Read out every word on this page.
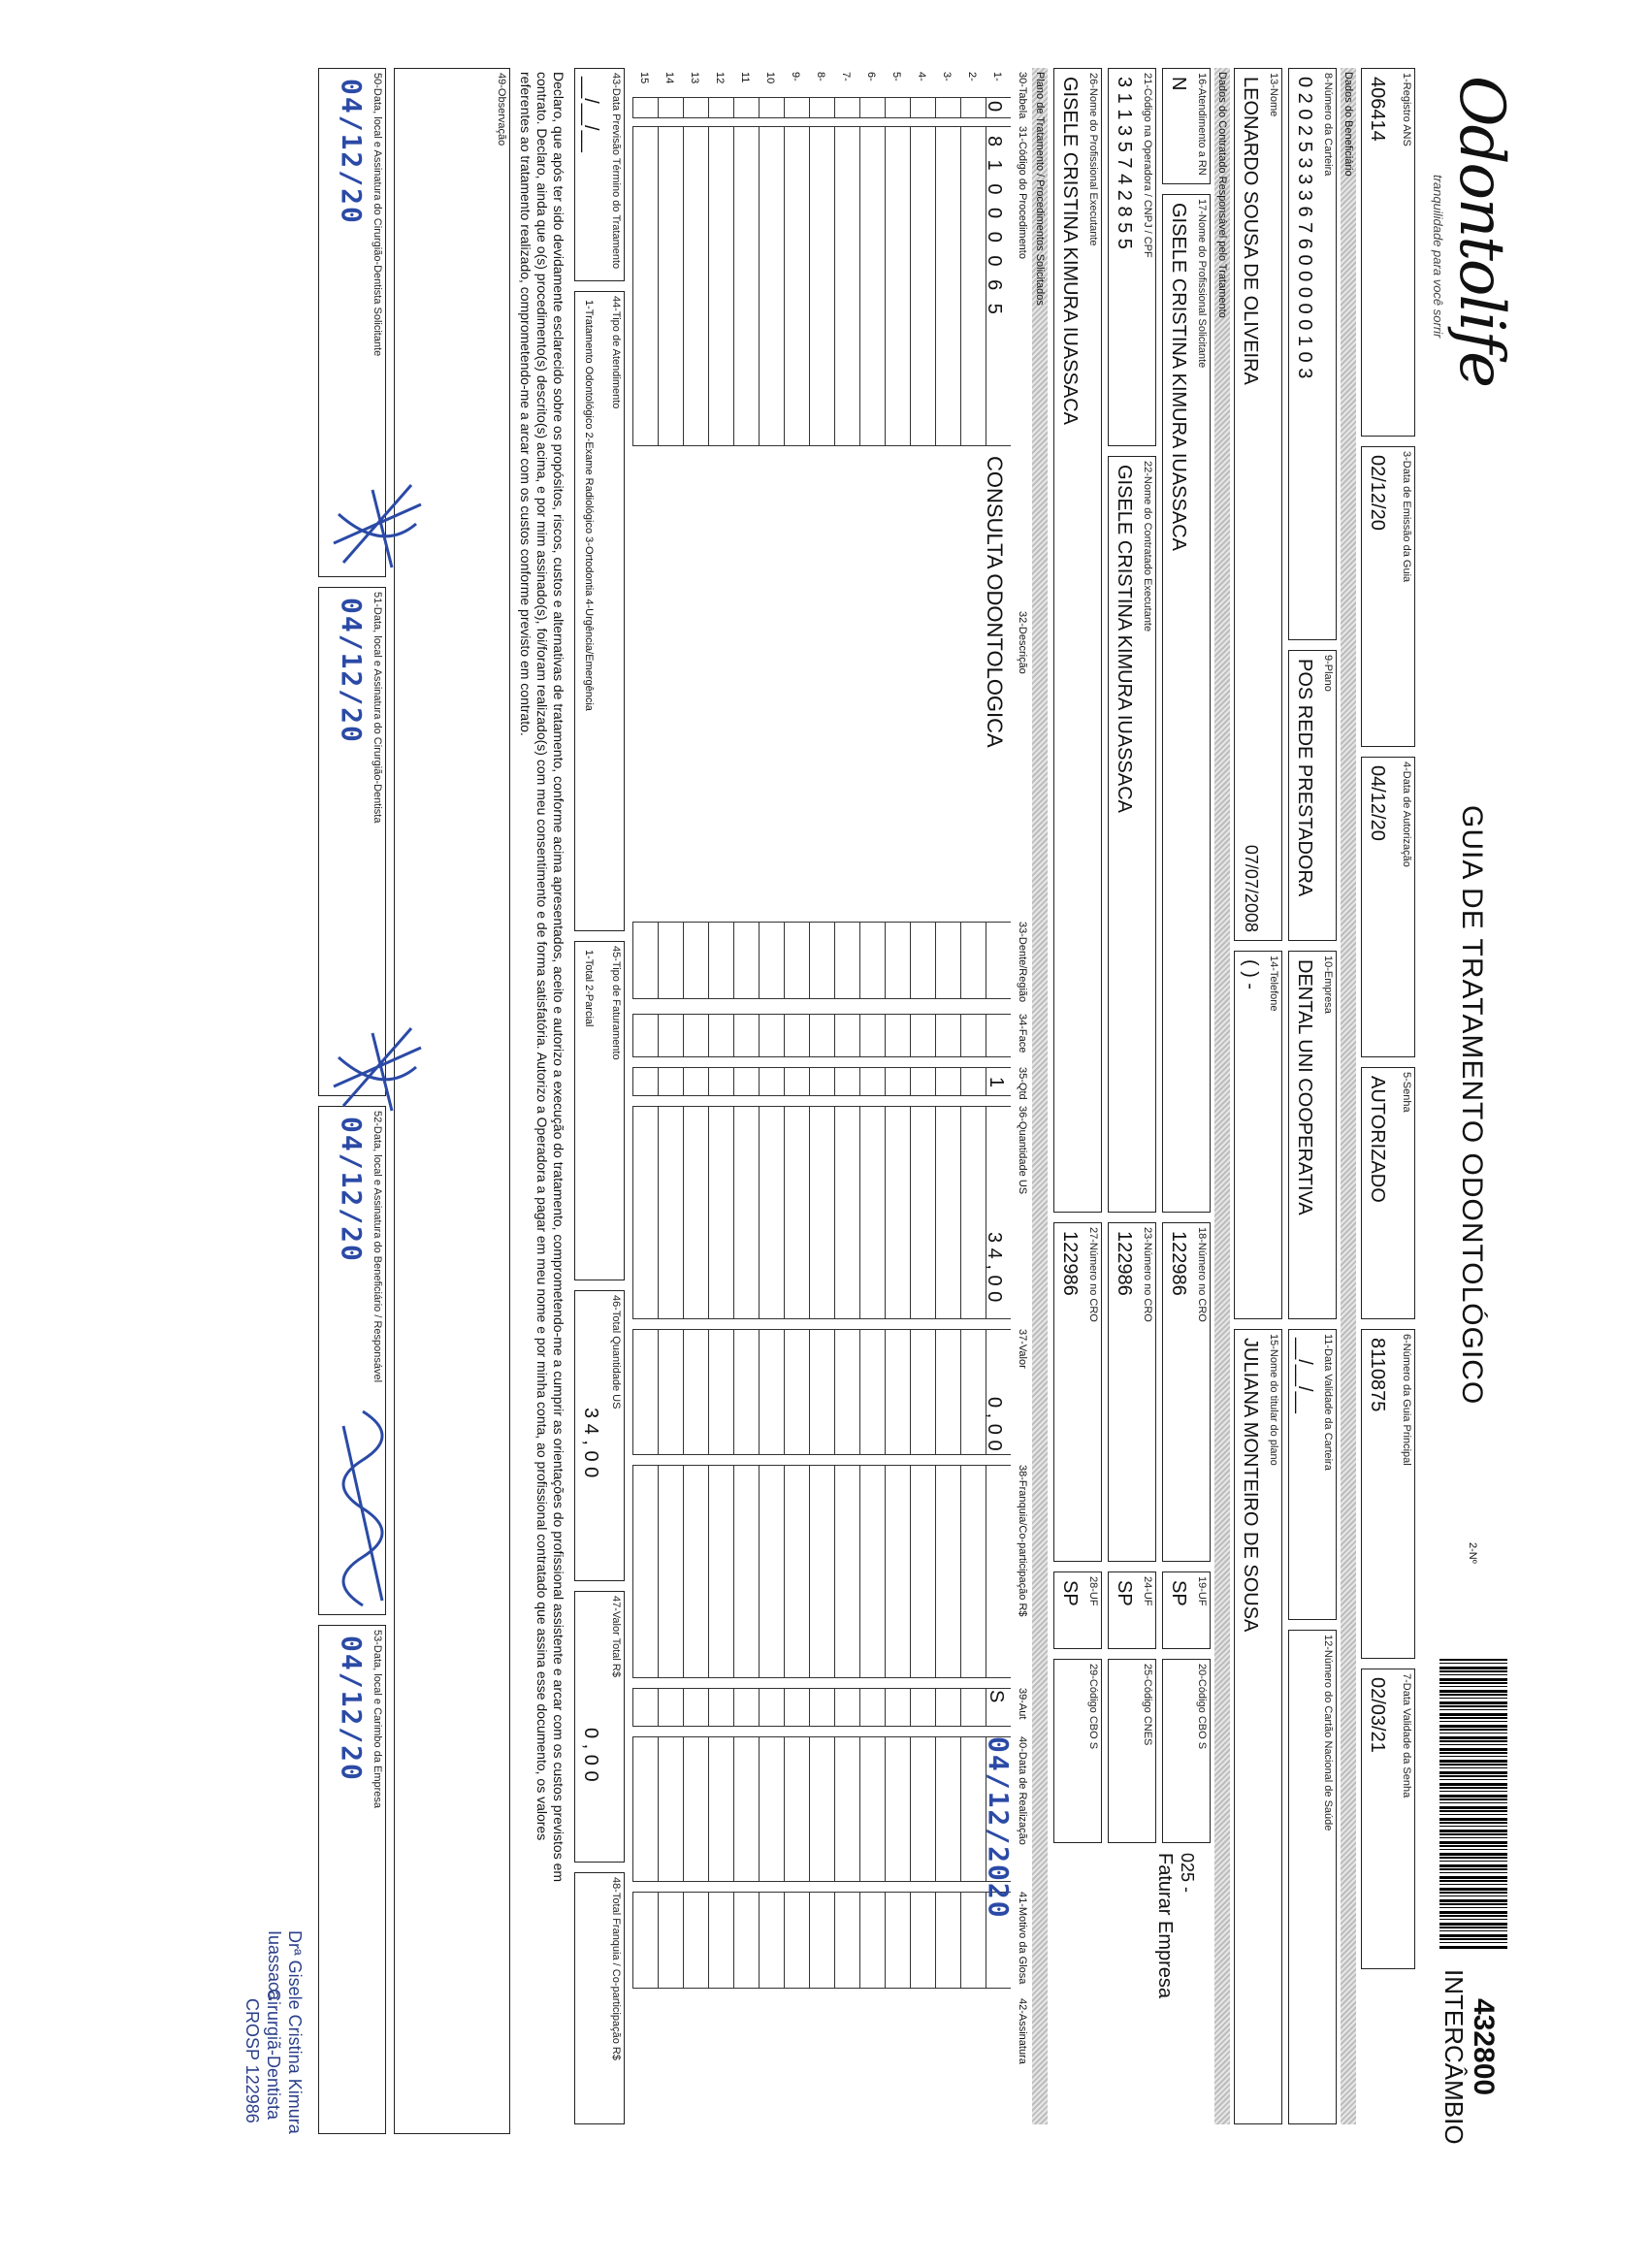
Odontolife
tranquilidade para você sorrir
GUIA DE TRATAMENTO ODONTOLÓGICO
2-Nº
432800
INTERCÂMBIO
1-Registro ANS
406414
3-Data de Emissão da Guia
02/12/20
4-Data de Autorização
04/12/20
5-Senha
AUTORIZADO
6-Número da Guia Principal
8110875
7-Data Validade da Senha
02/03/21
Dados do Beneficiário
8-Número da Carteira
0 2 0 2 5 3 3 3 6 7 6 0 0 0 0 0 1 0 3
9-Plano
POS REDE PRESTADORA
10-Empresa
DENTAL UNI COOPERATIVA
11-Data Validade da Carteira
__/__/__
12-Número do Cartão Nacional de Saúde
13-Nome
LEONARDO SOUSA DE OLIVEIRA
07/07/2008
14-Telefone
( ) -
15-Nome do titular do plano
JULIANA MONTEIRO DE SOUSA
Dados do Contratado Responsável pelo Tratamento
16-Atendimento a RN
N
17-Nome do Profissional Solicitante
GISELE CRISTINA KIMURA IUASSACA
18-Número no CRO
122986
19-UF
SP
20-Código CBO S
025 -
Faturar Empresa
21-Código na Operadora / CNPJ / CPF
3 1 1 3 5 7 4 2 8 5 5
22-Nome do Contratado Executante
GISELE CRISTINA KIMURA IUASSACA
23-Número no CRO
122986
24-UF
SP
25-Código CNES
26-Nome do Profissional Executante
GISELE CRISTINA KIMURA IUASSACA
27-Número no CRO
122986
28-UF
SP
29-Código CBO S
Plano de Tratamento / Procedimentos Solicitados
30-Tabela
31-Código do Procedimento
32-Descrição
33-Dente/Região
34-Face
35-Qtd
36-Quantidade US
37-Valor
38-Franquia/Co-participação R$
39-Aut
40-Data de Realização
41-Motivo da Glosa
42-Assinatura
1-
2-
3-
4-
5-
6-
7-
8-
9-
10
11
12
13
14
15
0
8 1 0 0 0 0 6 5
CONSULTA ODONTOLOGICA
1
3 4 , 0 0
0 , 0 0
S
04/12/2020
43-Data Previsão Término do Tratamento
__/__/__
44-Tipo de Atendimento
1-Tratamento Odontológico 2-Exame Radiológico 3-Ortodontia 4-Urgência/Emergência
45-Tipo de Faturamento
1-Total 2-Parcial
46-Total Quantidade US
3 4 , 0 0
47-Valor Total R$
0 , 0 0
48-Total Franquia / Co-participação R$
Declaro, que após ter sido devidamente esclarecido sobre os propósitos, riscos, custos e alternativas de tratamento, conforme acima apresentados, aceito e autorizo a execução do tratamento, comprometendo-me a cumprir as orientações do profissional assistente e arcar com os custos previstos em
contrato. Declaro, ainda que o(s) procedimento(s) descrito(s) acima, e por mim assinado(s), foi/foram realizado(s) com meu consentimento e de forma satisfatória. Autorizo a Operadora a pagar em meu nome e por minha conta, ao profissional contratado que assina esse documento, os valores
referentes ao tratamento realizado, comprometendo-me a arcar com os custos conforme previsto em contrato.
49-Observação
50-Data, local e Assinatura do Cirurgião-Dentista Solicitante
04/12/20
51-Data, local e Assinatura do Cirurgião-Dentista
04/12/20
52-Data, local e Assinatura do Beneficiário / Responsável
04/12/20
53-Data, local e Carimbo da Empresa
04/12/20
Drª Gisele Cristina Kimura Iuassaca
Cirurgiã-Dentista
CROSP 122986
